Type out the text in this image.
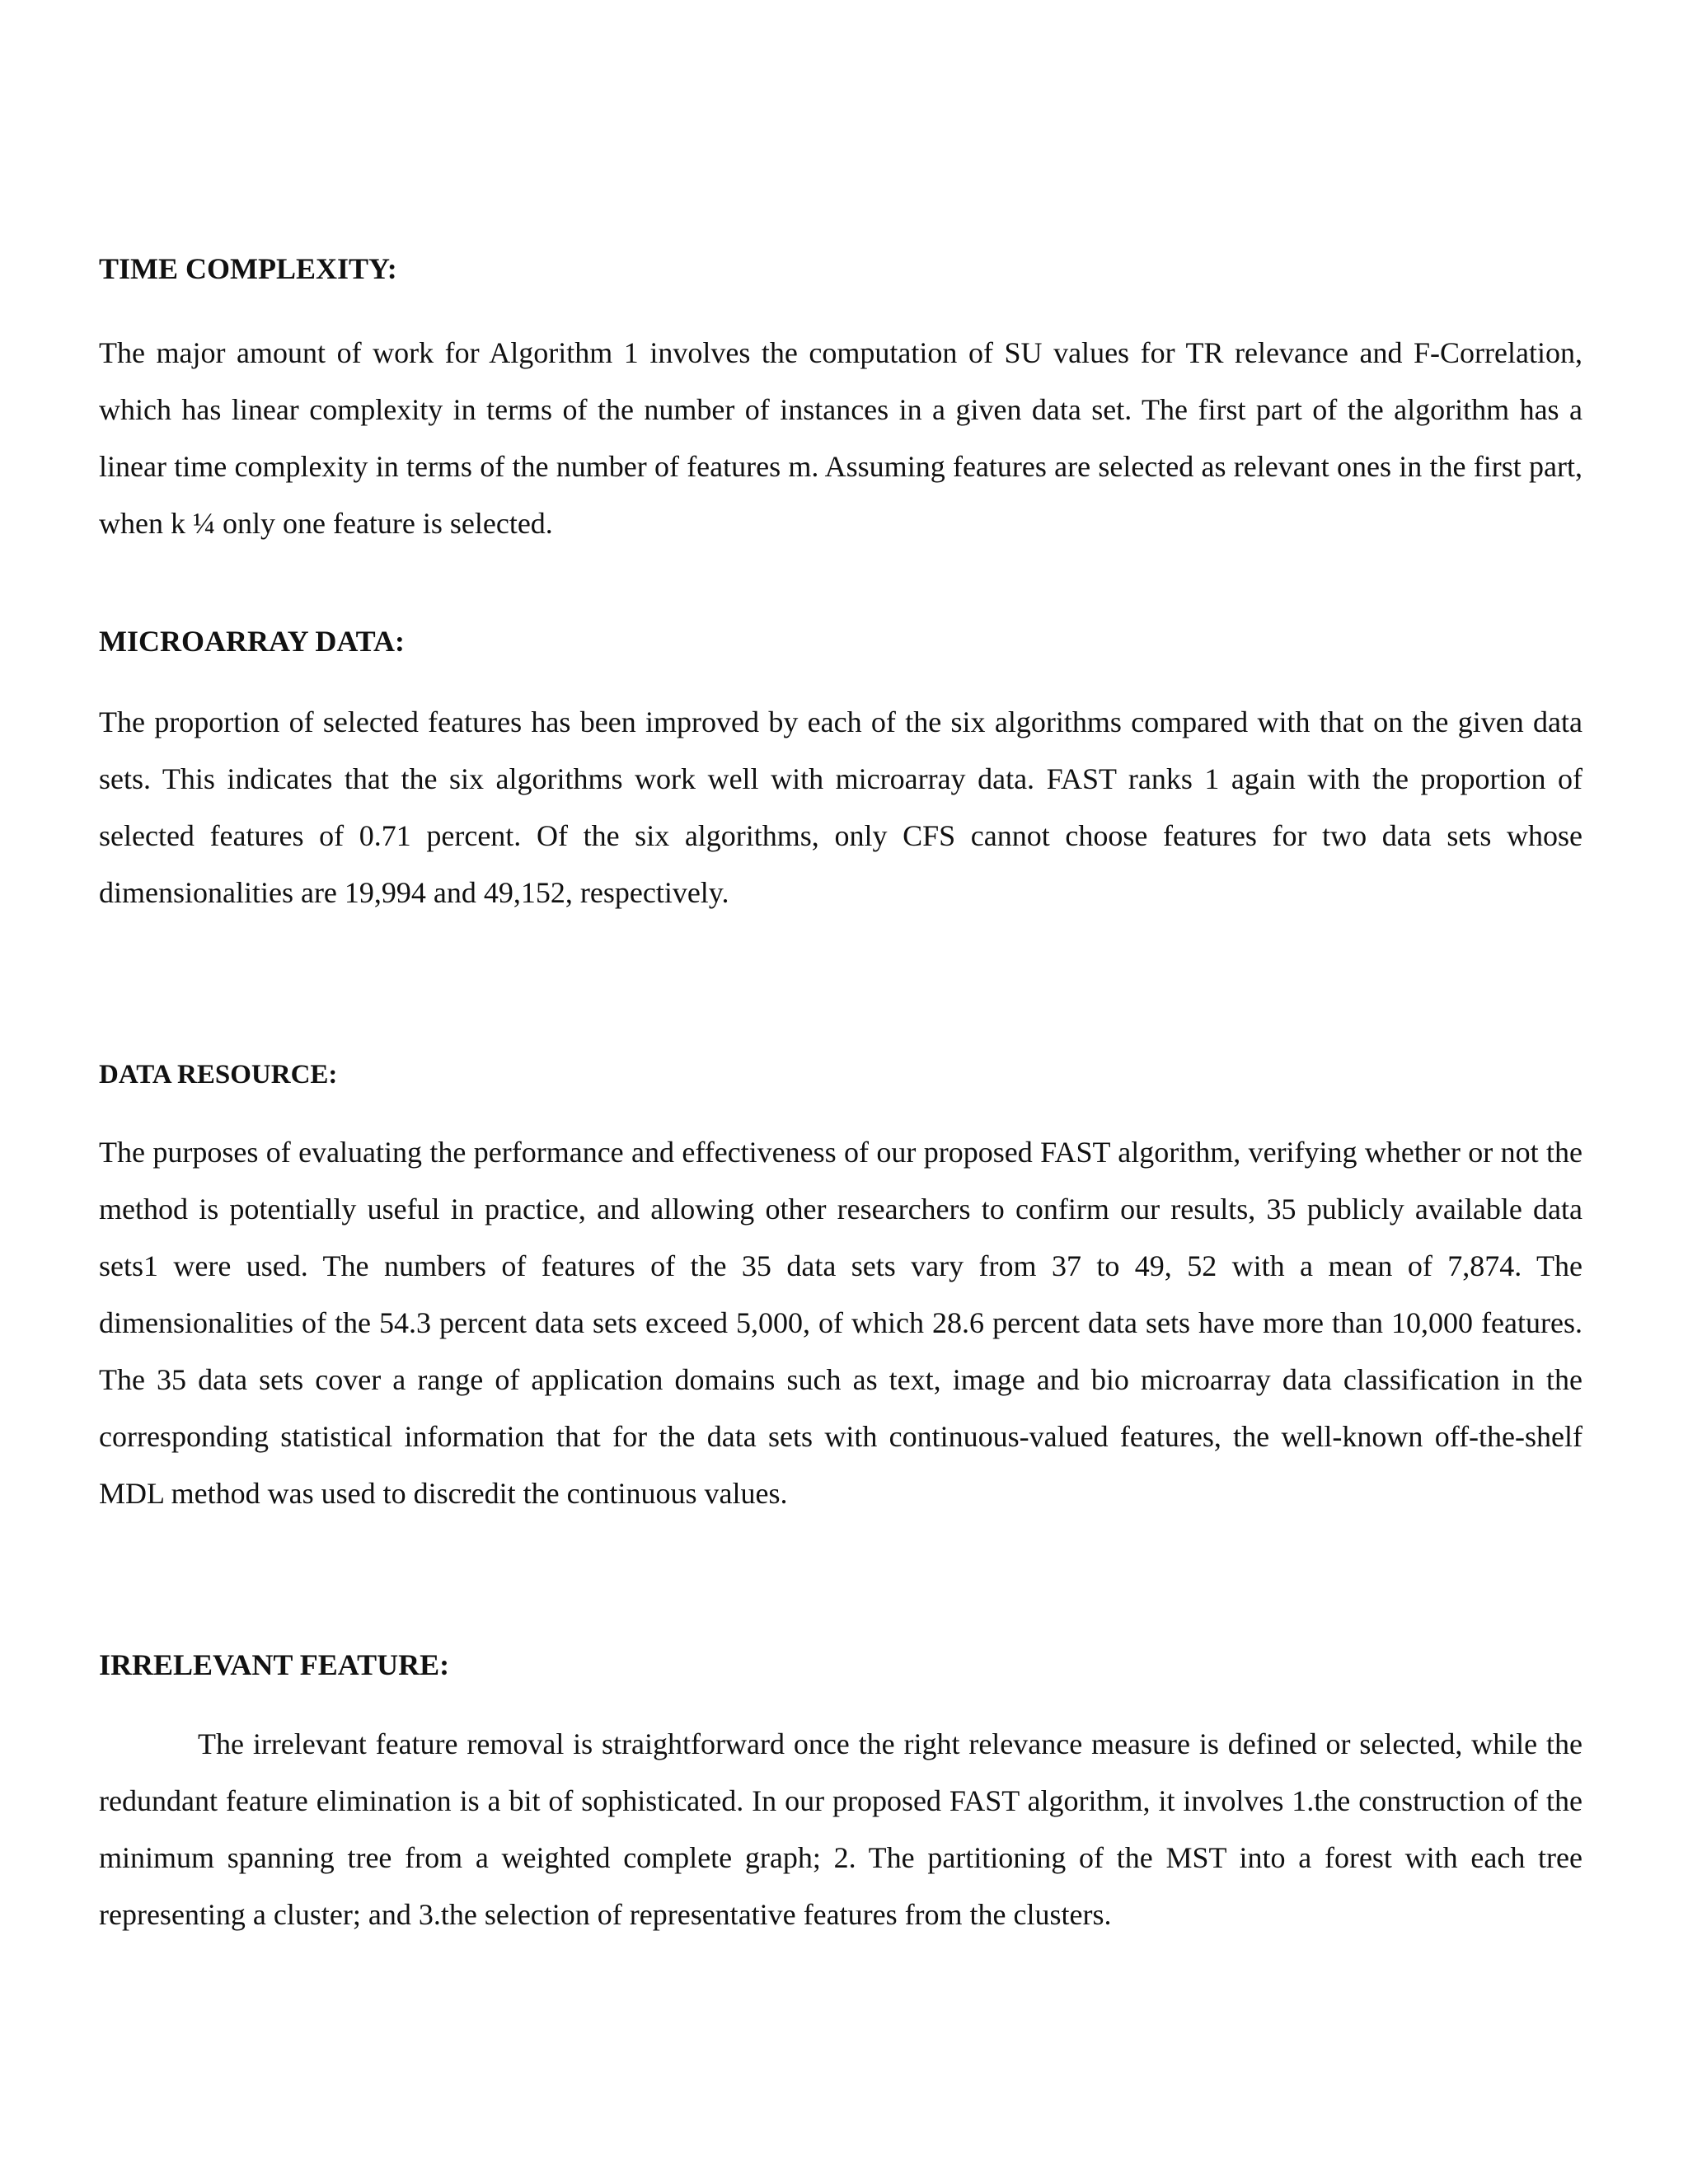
TIME COMPLEXITY:

The major amount of work for Algorithm 1 involves the computation of SU values for TR relevance and F-Correlation, which has linear complexity in terms of the number of instances in a given data set. The first part of the algorithm has a linear time complexity in terms of the number of features m. Assuming features are selected as relevant ones in the first part, when k ¼ only one feature is selected.

MICROARRAY DATA:

The proportion of selected features has been improved by each of the six algorithms compared with that on the given data sets. This indicates that the six algorithms work well with microarray data. FAST ranks 1 again with the proportion of selected features of 0.71 percent. Of the six algorithms, only CFS cannot choose features for two data sets whose dimensionalities are 19,994 and 49,152, respectively.

DATA RESOURCE:

The purposes of evaluating the performance and effectiveness of our proposed FAST algorithm, verifying whether or not the method is potentially useful in practice, and allowing other researchers to confirm our results, 35 publicly available data sets1 were used. The numbers of features of the 35 data sets vary from 37 to 49, 52 with a mean of 7,874. The dimensionalities of the 54.3 percent data sets exceed 5,000, of which 28.6 percent data sets have more than 10,000 features. The 35 data sets cover a range of application domains such as text, image and bio microarray data classification in the corresponding statistical information that for the data sets with continuous-valued features, the well-known off-the-shelf MDL method was used to discredit the continuous values.

IRRELEVANT FEATURE:

The irrelevant feature removal is straightforward once the right relevance measure is defined or selected, while the redundant feature elimination is a bit of sophisticated. In our proposed FAST algorithm, it involves 1.the construction of the minimum spanning tree from a weighted complete graph; 2. The partitioning of the MST into a forest with each tree representing a cluster; and 3.the selection of representative features from the clusters.
